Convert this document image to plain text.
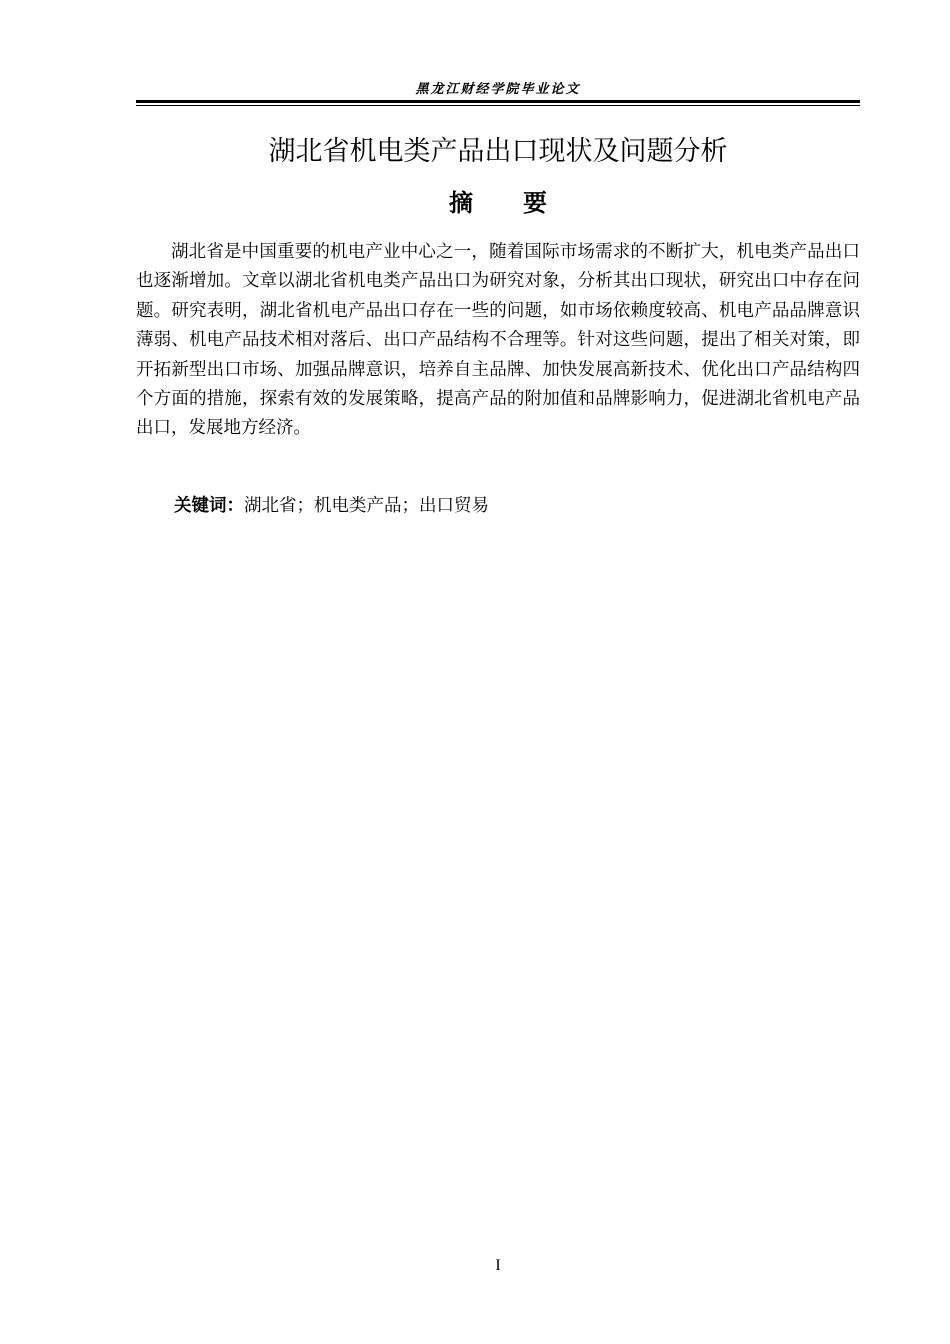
黑龙江财经学院毕业论文
湖北省机电类产品出口现状及问题分析
摘要

湖北省是中国重要的机电产业中心之一，随着国际市场需求的不断扩大，机电类产品出口也逐渐增加。文章以湖北省机电类产品出口为研究对象，分析其出口现状，研究出口中存在问题。研究表明，湖北省机电产品出口存在一些的问题，如市场依赖度较高、机电产品品牌意识薄弱、机电产品技术相对落后、出口产品结构不合理等。针对这些问题，提出了相关对策，即开拓新型出口市场、加强品牌意识，培养自主品牌、加快发展高新技术、优化出口产品结构四个方面的措施，探索有效的发展策略，提高产品的附加值和品牌影响力，促进湖北省机电产品出口，发展地方经济。

关键词：湖北省；机电类产品；出口贸易
I
